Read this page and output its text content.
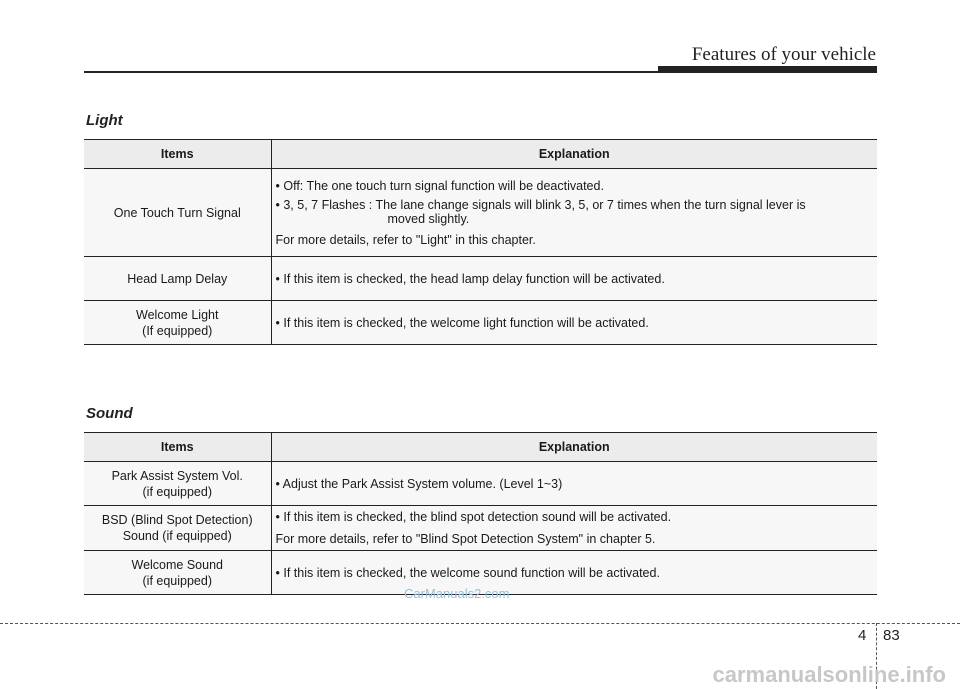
Features of your vehicle
Light
Items	Explanation
One Touch Turn Signal	• Off: The one touch turn signal function will be deactivated.
• 3, 5, 7 Flashes : The lane change signals will blink 3, 5, or 7 times when the turn signal lever is
moved slightly.
For more details, refer to "Light" in this chapter.

Head Lamp Delay	• If this item is checked, the head lamp delay function will be activated.

Welcome Light
(If equipped)	• If this item is checked, the welcome light function will be activated.
Sound
Items	Explanation

Park Assist System Vol.
(if equipped)	• Adjust the Park Assist System volume. (Level 1~3)

BSD (Blind Spot Detection)
Sound (if equipped)	• If this item is checked, the blind spot detection sound will be activated.
For more details, refer to "Blind Spot Detection System" in chapter 5.

Welcome Sound
(if equipped)	• If this item is checked, the welcome sound function will be activated.
CarManuals2.com
4 83
carmanualsonline.info
